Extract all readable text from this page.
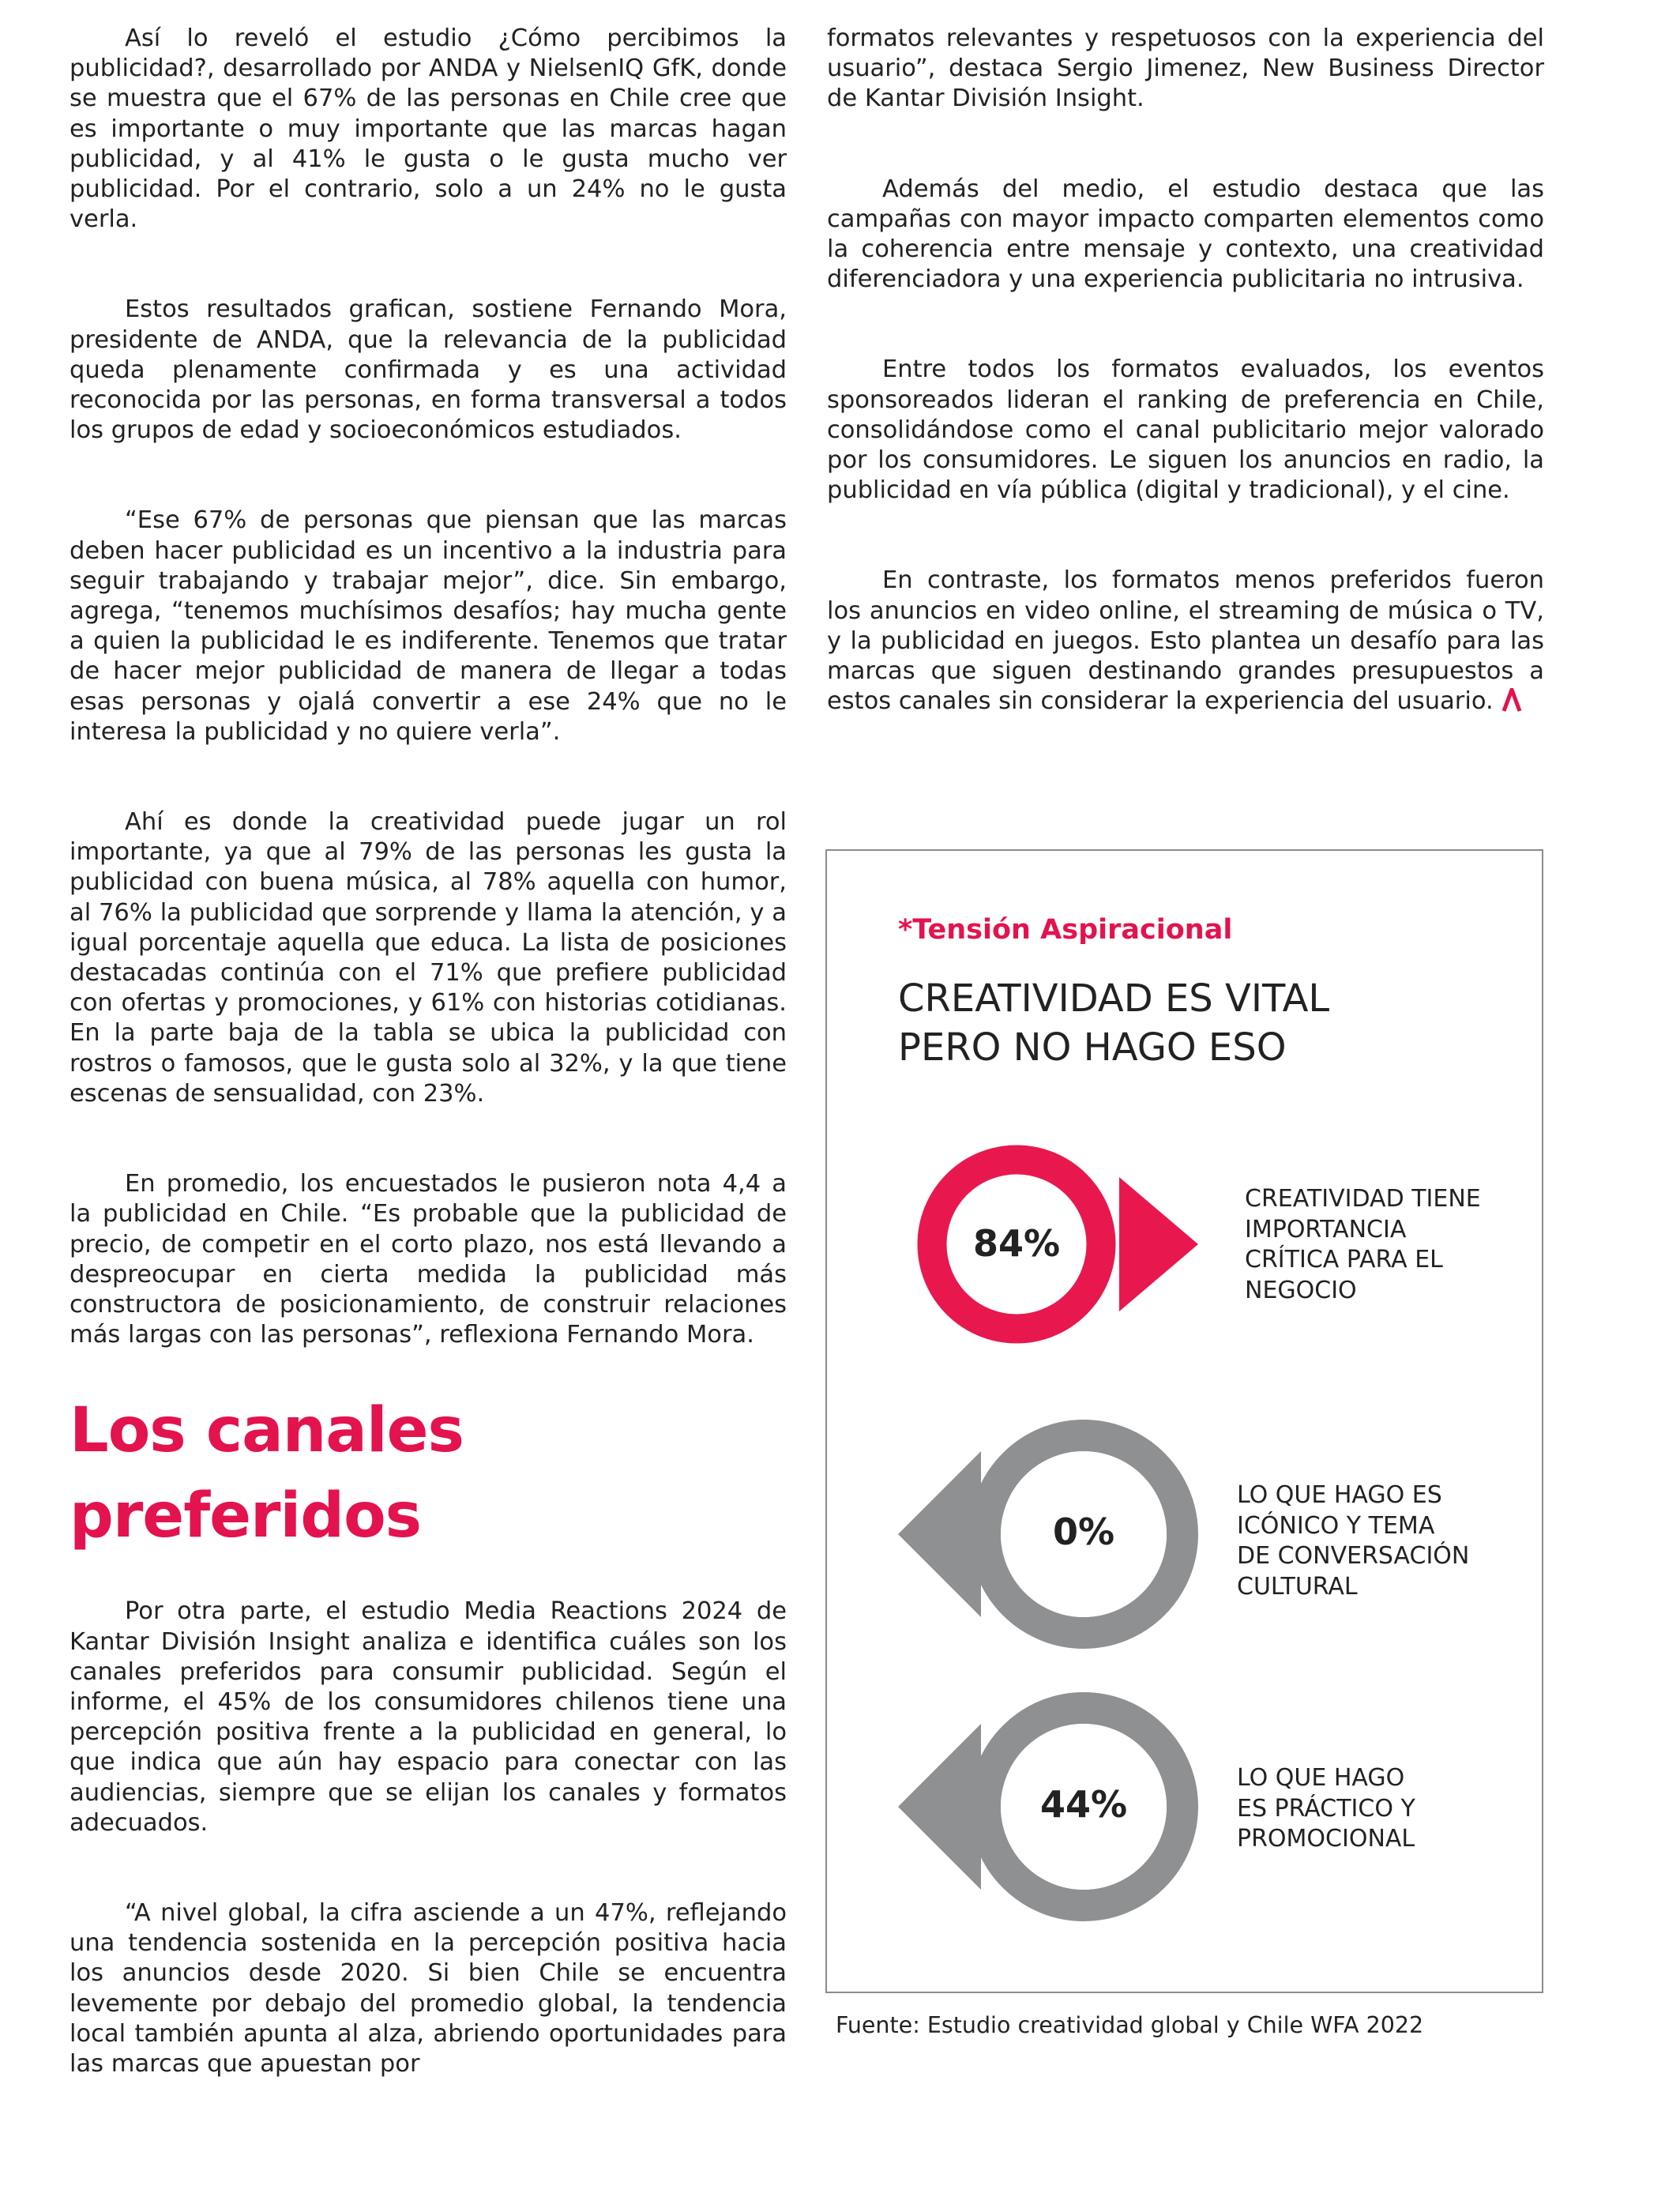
Así lo reveló el estudio ¿Cómo percibimos la publicidad?, desarrollado por ANDA y NielsenIQ GfK, donde se muestra que el 67% de las personas en Chile cree que es importante o muy importante que las marcas hagan publicidad, y al 41% le gusta o le gusta mucho ver publicidad. Por el contrario, solo a un 24% no le gusta verla.

Estos resultados grafican, sostiene Fernando Mora, presidente de ANDA, que la relevancia de la publicidad queda plenamente confirmada y es una actividad reconocida por las personas, en forma transversal a todos los grupos de edad y socioeconómicos estudiados.

“Ese 67% de personas que piensan que las marcas deben hacer publicidad es un incentivo a la industria para seguir trabajando y trabajar mejor”, dice. Sin embargo, agrega, “tenemos muchísimos desafíos; hay mucha gente a quien la publicidad le es indiferente. Tenemos que tratar de hacer mejor publicidad de manera de llegar a todas esas personas y ojalá convertir a ese 24% que no le interesa la publicidad y no quiere verla”.

Ahí es donde la creatividad puede jugar un rol importante, ya que al 79% de las personas les gusta la publicidad con buena música, al 78% aquella con humor, al 76% la publicidad que sorprende y llama la atención, y a igual porcentaje aquella que educa. La lista de posiciones destacadas continúa con el 71% que prefiere publicidad con ofertas y promociones, y 61% con historias cotidianas. En la parte baja de la tabla se ubica la publicidad con rostros o famosos, que le gusta solo al 32%, y la que tiene escenas de sensualidad, con 23%.

En promedio, los encuestados le pusieron nota 4,4 a la publicidad en Chile. “Es probable que la publicidad de precio, de competir en el corto plazo, nos está llevando a despreocupar en cierta medida la publicidad más constructora de posicionamiento, de construir relaciones más largas con las personas”, reflexiona Fernando Mora.

Los canales
preferidos

Por otra parte, el estudio Media Reactions 2024 de Kantar División Insight analiza e identifica cuáles son los canales preferidos para consumir publicidad. Según el informe, el 45% de los consumidores chilenos tiene una percepción positiva frente a la publicidad en general, lo que indica que aún hay espacio para conectar con las audiencias, siempre que se elijan los canales y formatos adecuados.

“A nivel global, la cifra asciende a un 47%, reflejando una tendencia sostenida en la percepción positiva hacia los anuncios desde 2020. Si bien Chile se encuentra levemente por debajo del promedio global, la tendencia local también apunta al alza, abriendo oportunidades para las marcas que apuestan por

formatos relevantes y respetuosos con la experiencia del usuario”, destaca Sergio Jimenez, New Business Director de Kantar División Insight.

Además del medio, el estudio destaca que las campañas con mayor impacto comparten elementos como la coherencia entre mensaje y contexto, una creatividad diferenciadora y una experiencia publicitaria no intrusiva.

Entre todos los formatos evaluados, los eventos sponsoreados lideran el ranking de preferencia en Chile, consolidándose como el canal publicitario mejor valorado por los consumidores. Le siguen los anuncios en radio, la publicidad en vía pública (digital y tradicional), y el cine.

En contraste, los formatos menos preferidos fueron los anuncios en video online, el streaming de música o TV, y la publicidad en juegos. Esto plantea un desafío para las marcas que siguen destinando grandes presupuestos a estos canales sin considerar la experiencia del usuario.

*Tensión Aspiracional
CREATIVIDAD ES VITAL
PERO NO HAGO ESO
84%
CREATIVIDAD TIENE
IMPORTANCIA
CRÍTICA PARA EL
NEGOCIO
0%
LO QUE HAGO ES
ICÓNICO Y TEMA
DE CONVERSACIÓN
CULTURAL
44%
LO QUE HAGO
ES PRÁCTICO Y
PROMOCIONAL
Fuente: Estudio creatividad global y Chile WFA 2022
